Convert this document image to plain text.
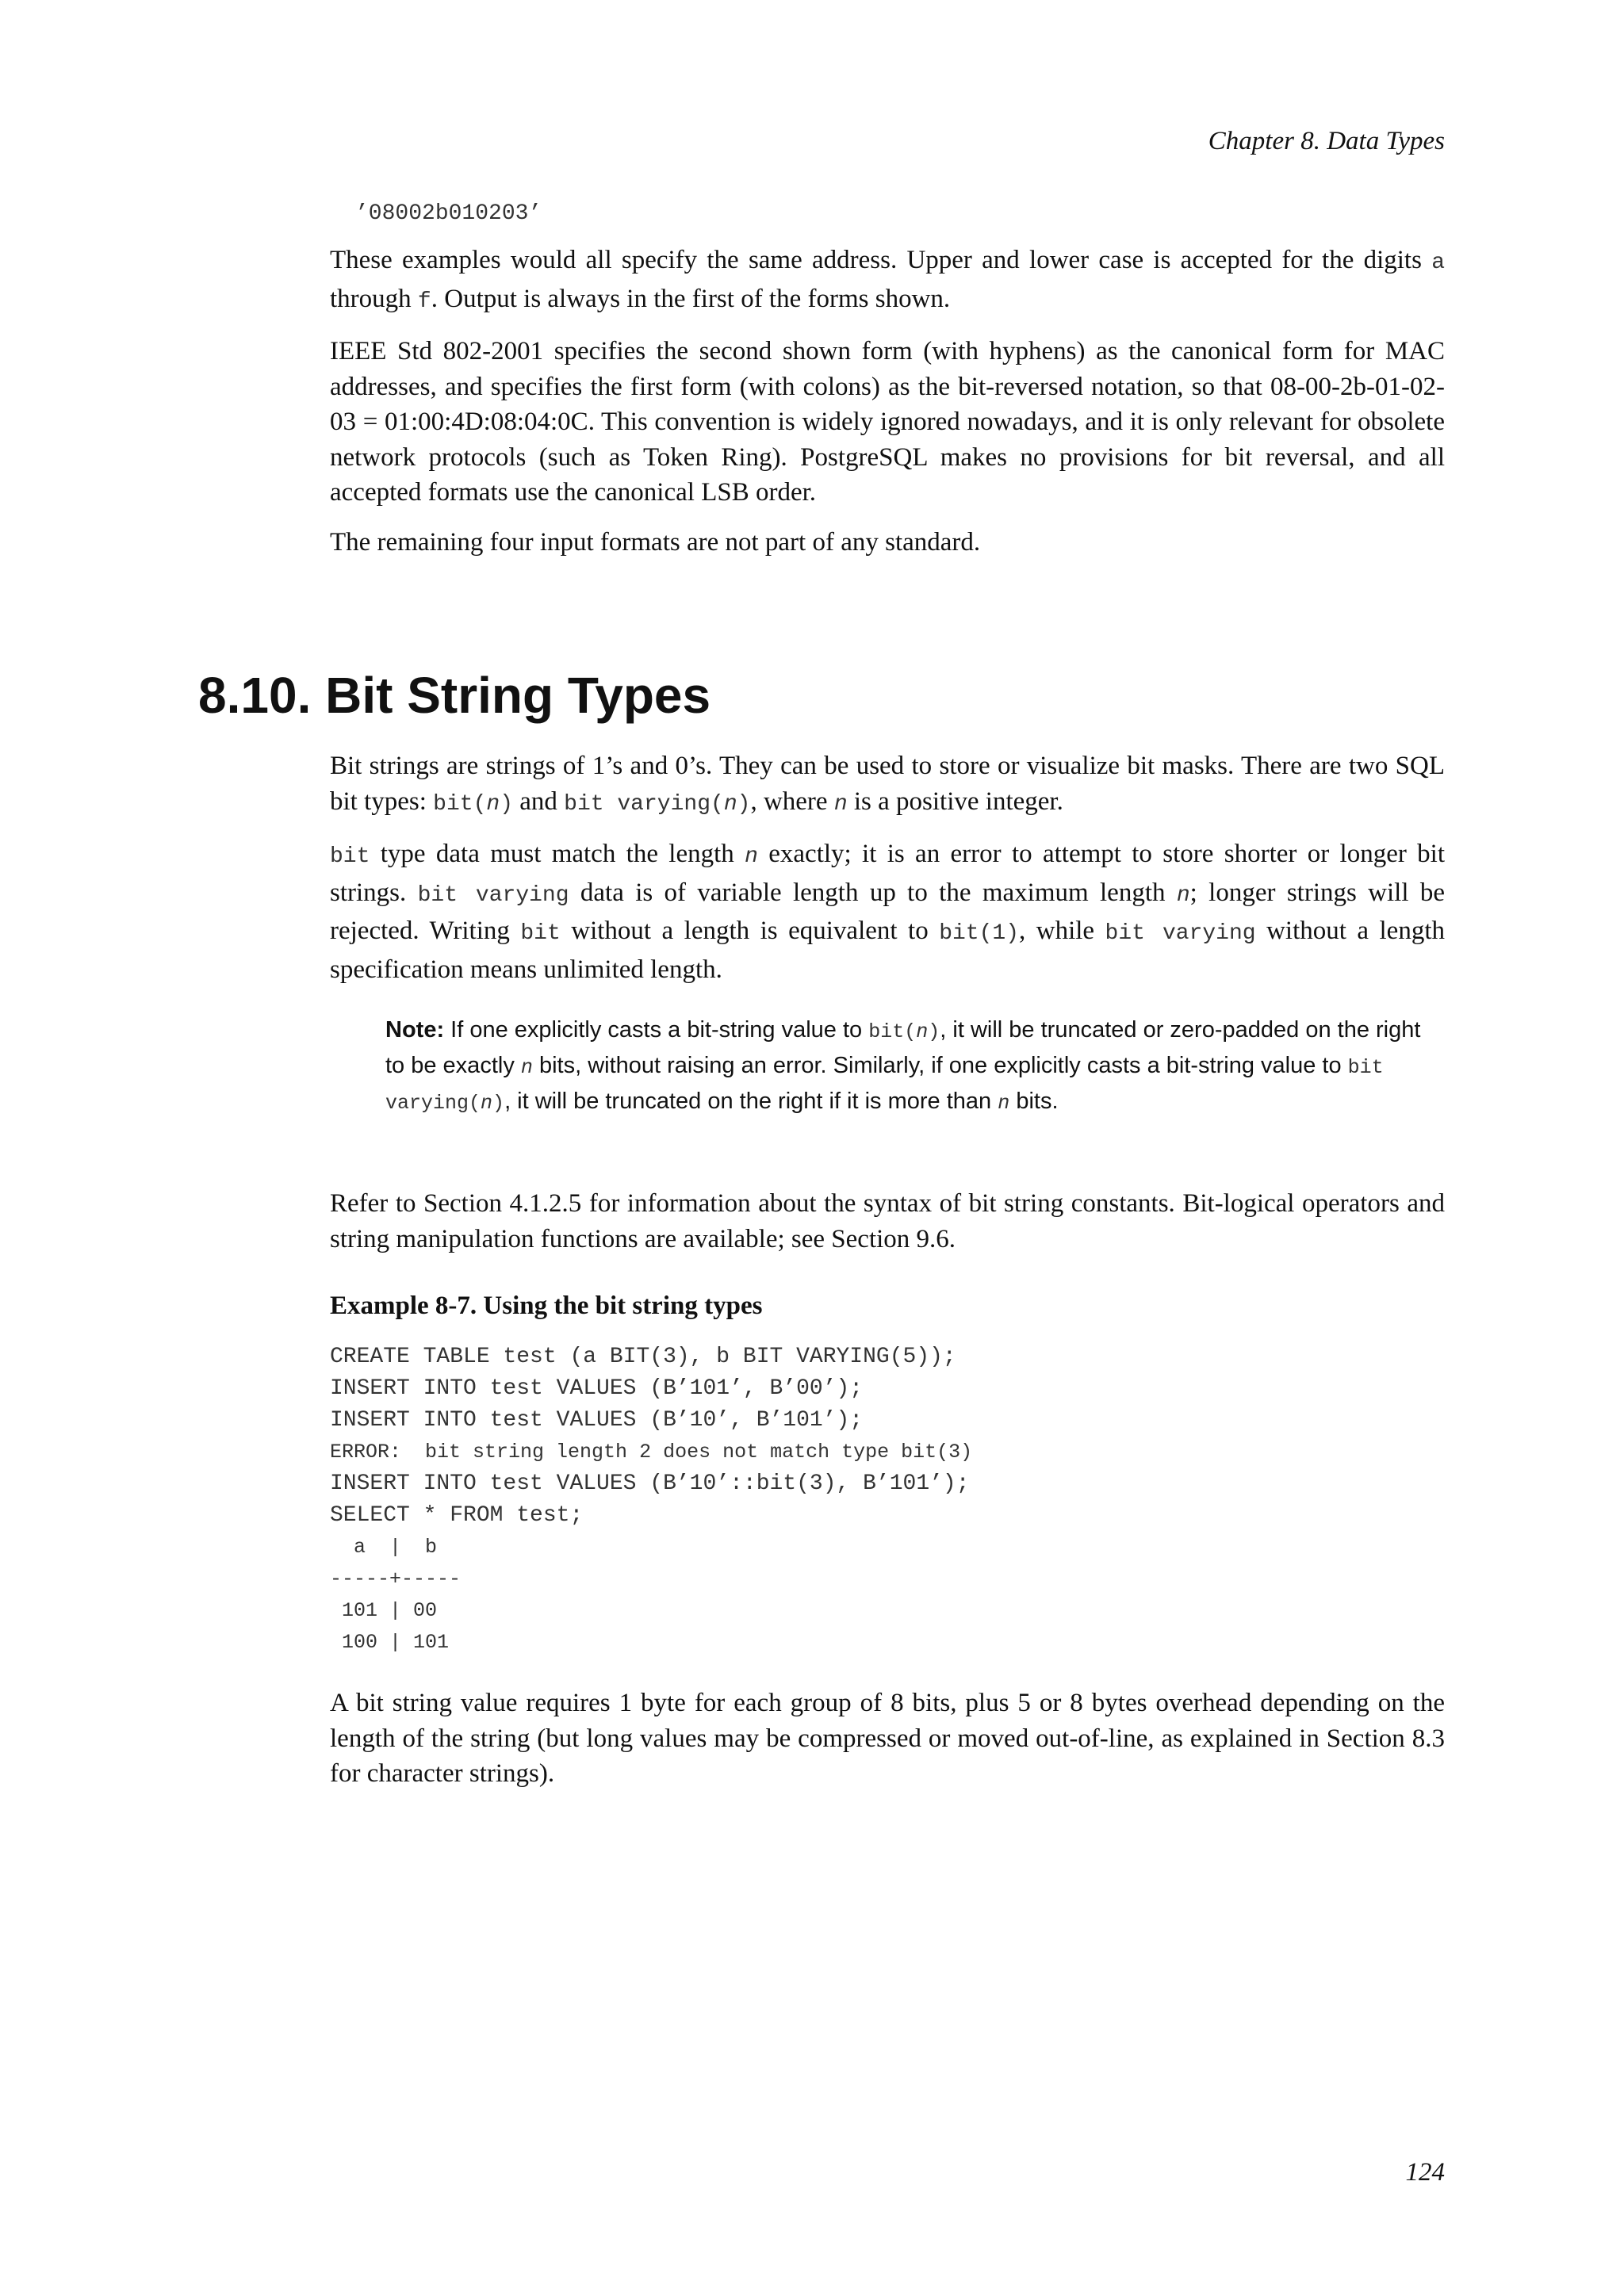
Chapter 8. Data Types
’08002b010203’

These examples would all specify the same address. Upper and lower case is accepted for the digits a through f. Output is always in the first of the forms shown.

IEEE Std 802-2001 specifies the second shown form (with hyphens) as the canonical form for MAC addresses, and specifies the first form (with colons) as the bit-reversed notation, so that 08-00-2b-01-02-03 = 01:00:4D:08:04:0C. This convention is widely ignored nowadays, and it is only relevant for obsolete network protocols (such as Token Ring). PostgreSQL makes no provisions for bit reversal, and all accepted formats use the canonical LSB order.

The remaining four input formats are not part of any standard.

8.10. Bit String Types

Bit strings are strings of 1’s and 0’s. They can be used to store or visualize bit masks. There are two SQL bit types: bit(n) and bit varying(n), where n is a positive integer.

bit type data must match the length n exactly; it is an error to attempt to store shorter or longer bit strings. bit varying data is of variable length up to the maximum length n; longer strings will be rejected. Writing bit without a length is equivalent to bit(1), while bit varying without a length specification means unlimited length.

Note: If one explicitly casts a bit-string value to bit(n), it will be truncated or zero-padded on the right to be exactly n bits, without raising an error. Similarly, if one explicitly casts a bit-string value to bit varying(n), it will be truncated on the right if it is more than n bits.

Refer to Section 4.1.2.5 for information about the syntax of bit string constants. Bit-logical operators and string manipulation functions are available; see Section 9.6.

Example 8-7. Using the bit string types
CREATE TABLE test (a BIT(3), b BIT VARYING(5));
INSERT INTO test VALUES (B’101’, B’00’);
INSERT INTO test VALUES (B’10’, B’101’);
ERROR:  bit string length 2 does not match type bit(3)
INSERT INTO test VALUES (B’10’::bit(3), B’101’);
SELECT * FROM test;
a  |  b
-----+-----
101 | 00
100 | 101

A bit string value requires 1 byte for each group of 8 bits, plus 5 or 8 bytes overhead depending on the length of the string (but long values may be compressed or moved out-of-line, as explained in Section 8.3 for character strings).

124
